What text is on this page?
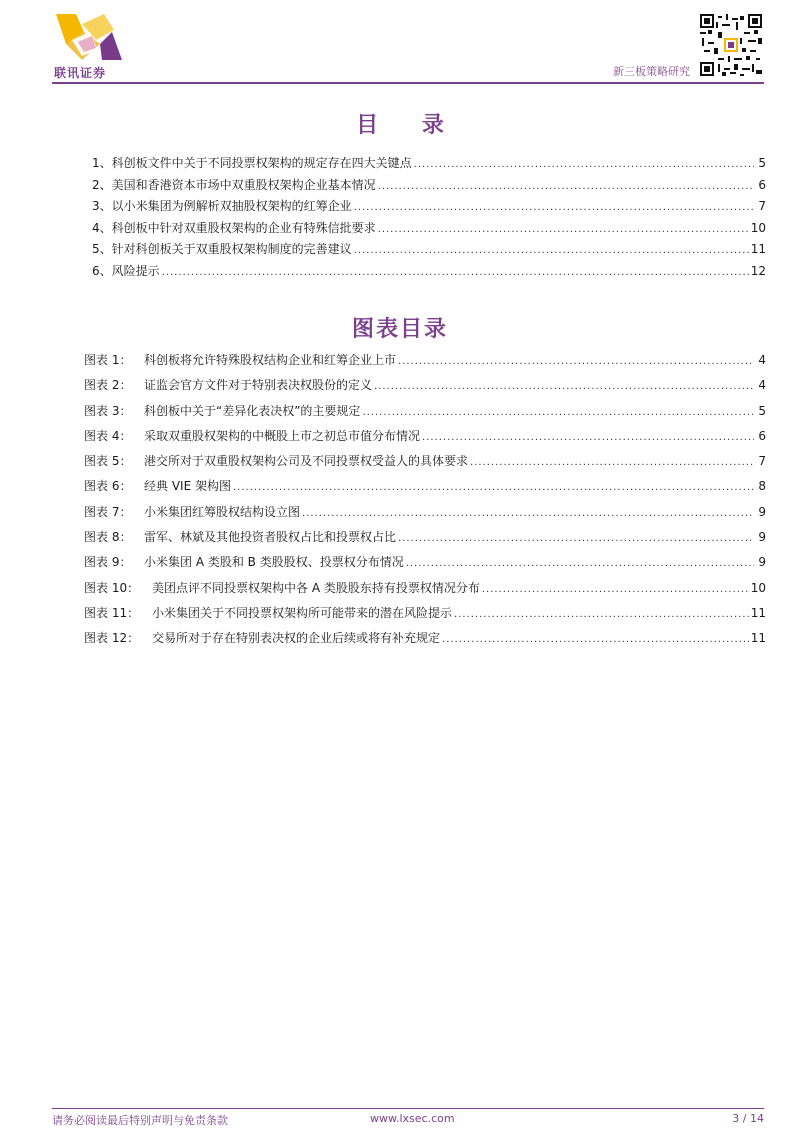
联讯证券	新三板策略研究
目 录
1、科创板文件中关于不同投票权架构的规定存在四大关键点 .....	5
2、美国和香港资本市场中双重股权架构企业基本情况 .....	6
3、以小米集团为例解析双抽股权架构的红筹企业 .....	7
4、科创板中针对双重股权架构的企业有特殊信批要求 .....	10
5、针对科创板关于双重股权架构制度的完善建议 .....	11
6、风险提示 .....	12
图表目录
图表 1：	科创板将允许特殊股权结构企业和红筹企业上市 .....	4
图表 2：	证监会官方文件对于特别表决权股份的定义 .....	4
图表 3：	科创板中关于“差异化表决权”的主要规定 .....	5
图表 4：	采取双重股权架构的中概股上市之初总市值分布情况 .....	6
图表 5：	港交所对于双重股权架构公司及不同投票权受益人的具体要求 .....	7
图表 6：	经典 VIE 架构图 .....	8
图表 7：	小米集团红筹股权结构设立图 .....	9
图表 8：	雷军、林斌及其他投资者股权占比和投票权占比 .....	9
图表 9：	小米集团 A 类股和 B 类股股权、投票权分布情况 .....	9
图表 10：	美团点评不同投票权架构中各 A 类股股东持有投票权情况分布 .....	10
图表 11：	小米集团关于不同投票权架构所可能带来的潜在风险提示 .....	11
图表 12：	交易所对于存在特别表决权的企业后续或将有补充规定 .....	11
请务必阅读最后特别声明与免责条款	www.lxsec.com	3 / 14
